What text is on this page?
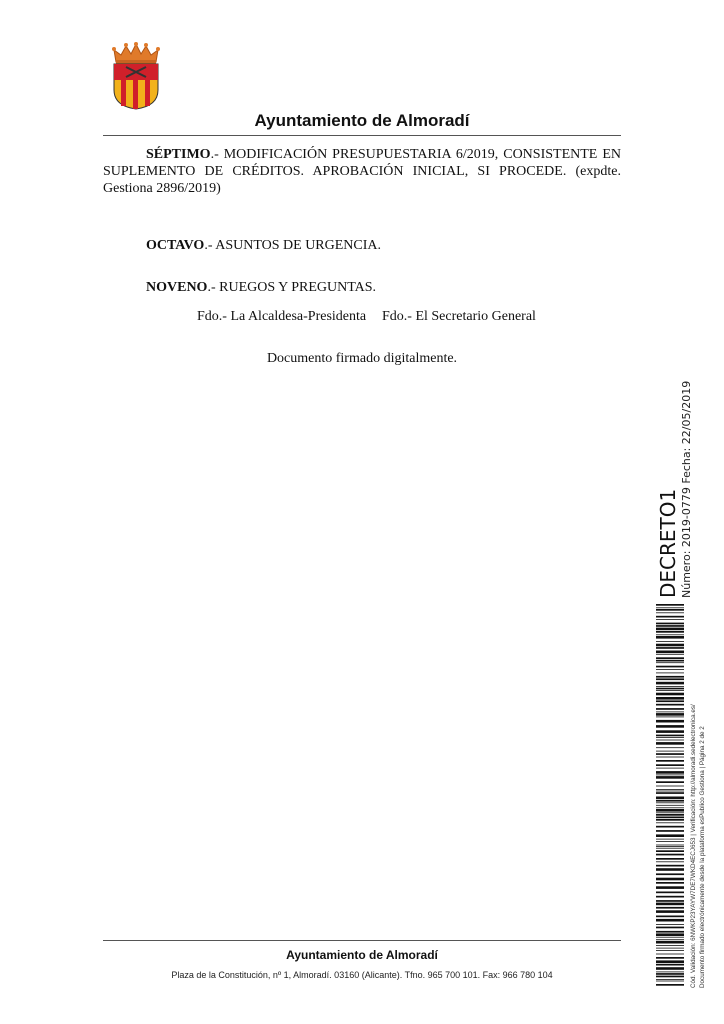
Ayuntamiento de Almoradí

SÉPTIMO.- MODIFICACIÓN PRESUPUESTARIA 6/2019, CONSISTENTE EN SUPLEMENTO DE CRÉDITOS. APROBACIÓN INICIAL, SI PROCEDE. (expdte. Gestiona 2896/2019)

OCTAVO.- ASUNTOS DE URGENCIA.

NOVENO.- RUEGOS Y PREGUNTAS.

Fdo.- La Alcaldesa-Presidenta Fdo.- El Secretario General
Documento firmado digitalmente.
DECRETO1 Número: 2019-0779 Fecha: 22/05/2019
Cód. Validación: 6NWKP23YAYW7DE7WKD4ECJ653 | Verificación: http://almoradi.sedelectronica.es/ Documento firmado electrónicamente desde la plataforma esPublico Gestiona | Página 2 de 2
Ayuntamiento de Almoradí
Plaza de la Constitución, nº 1, Almoradí. 03160 (Alicante). Tfno. 965 700 101. Fax: 966 780 104
